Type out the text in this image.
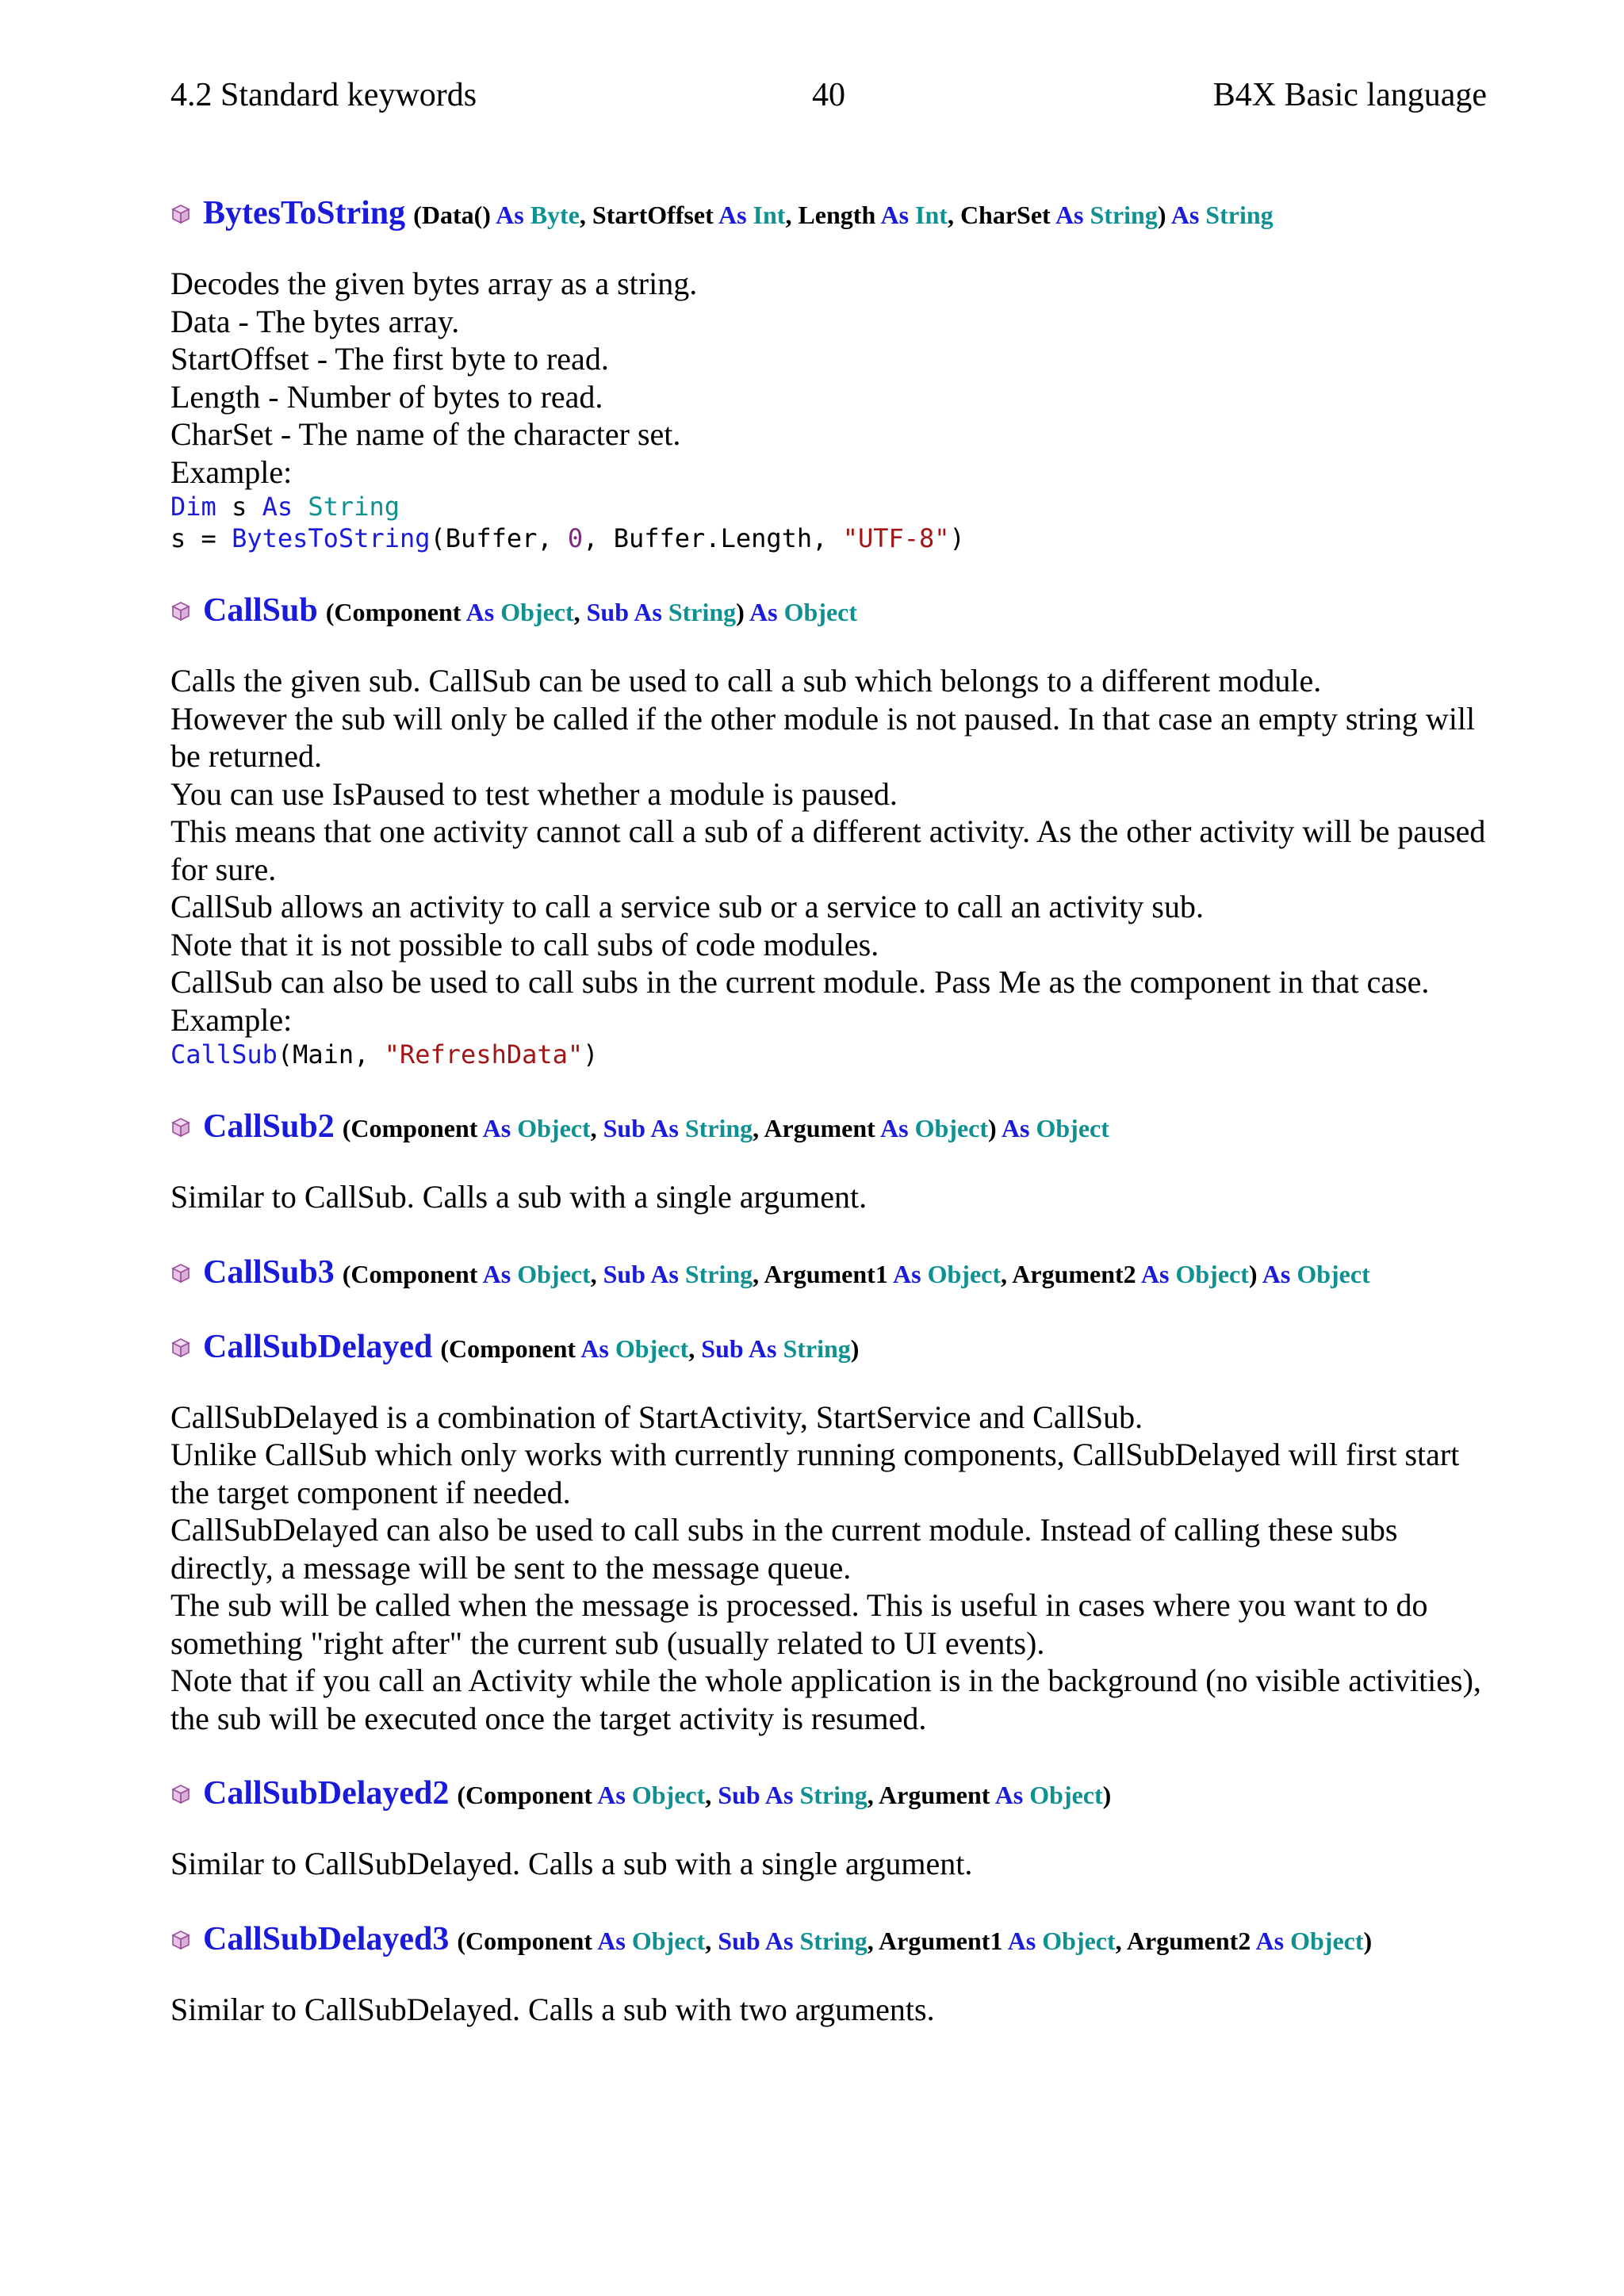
4.2 Standard keywords	40	B4X Basic language
BytesToString (Data() As Byte, StartOffset As Int, Length As Int, CharSet As String) As String

Decodes the given bytes array as a string.

Data - The bytes array.

StartOffset - The first byte to read.

Length - Number of bytes to read.

CharSet - The name of the character set.

Example:

Dim s As String
s = BytesToString(Buffer, 0, Buffer.Length, "UTF-8")
CallSub (Component As Object, Sub As String) As Object

Calls the given sub. CallSub can be used to call a sub which belongs to a different module.

However the sub will only be called if the other module is not paused. In that case an empty string will be returned.

You can use IsPaused to test whether a module is paused.

This means that one activity cannot call a sub of a different activity. As the other activity will be paused for sure.

CallSub allows an activity to call a service sub or a service to call an activity sub.

Note that it is not possible to call subs of code modules.

CallSub can also be used to call subs in the current module. Pass Me as the component in that case.

Example:

CallSub(Main, "RefreshData")
CallSub2 (Component As Object, Sub As String, Argument As Object) As Object

Similar to CallSub. Calls a sub with a single argument.

CallSub3 (Component As Object, Sub As String, Argument1 As Object, Argument2 As Object) As Object
CallSubDelayed (Component As Object, Sub As String)

CallSubDelayed is a combination of StartActivity, StartService and CallSub.

Unlike CallSub which only works with currently running components, CallSubDelayed will first start the target component if needed.

CallSubDelayed can also be used to call subs in the current module. Instead of calling these subs directly, a message will be sent to the message queue.

The sub will be called when the message is processed. This is useful in cases where you want to do something "right after" the current sub (usually related to UI events).

Note that if you call an Activity while the whole application is in the background (no visible activities), the sub will be executed once the target activity is resumed.

CallSubDelayed2 (Component As Object, Sub As String, Argument As Object)

Similar to CallSubDelayed. Calls a sub with a single argument.

CallSubDelayed3 (Component As Object, Sub As String, Argument1 As Object, Argument2 As Object)

Similar to CallSubDelayed. Calls a sub with two arguments.
